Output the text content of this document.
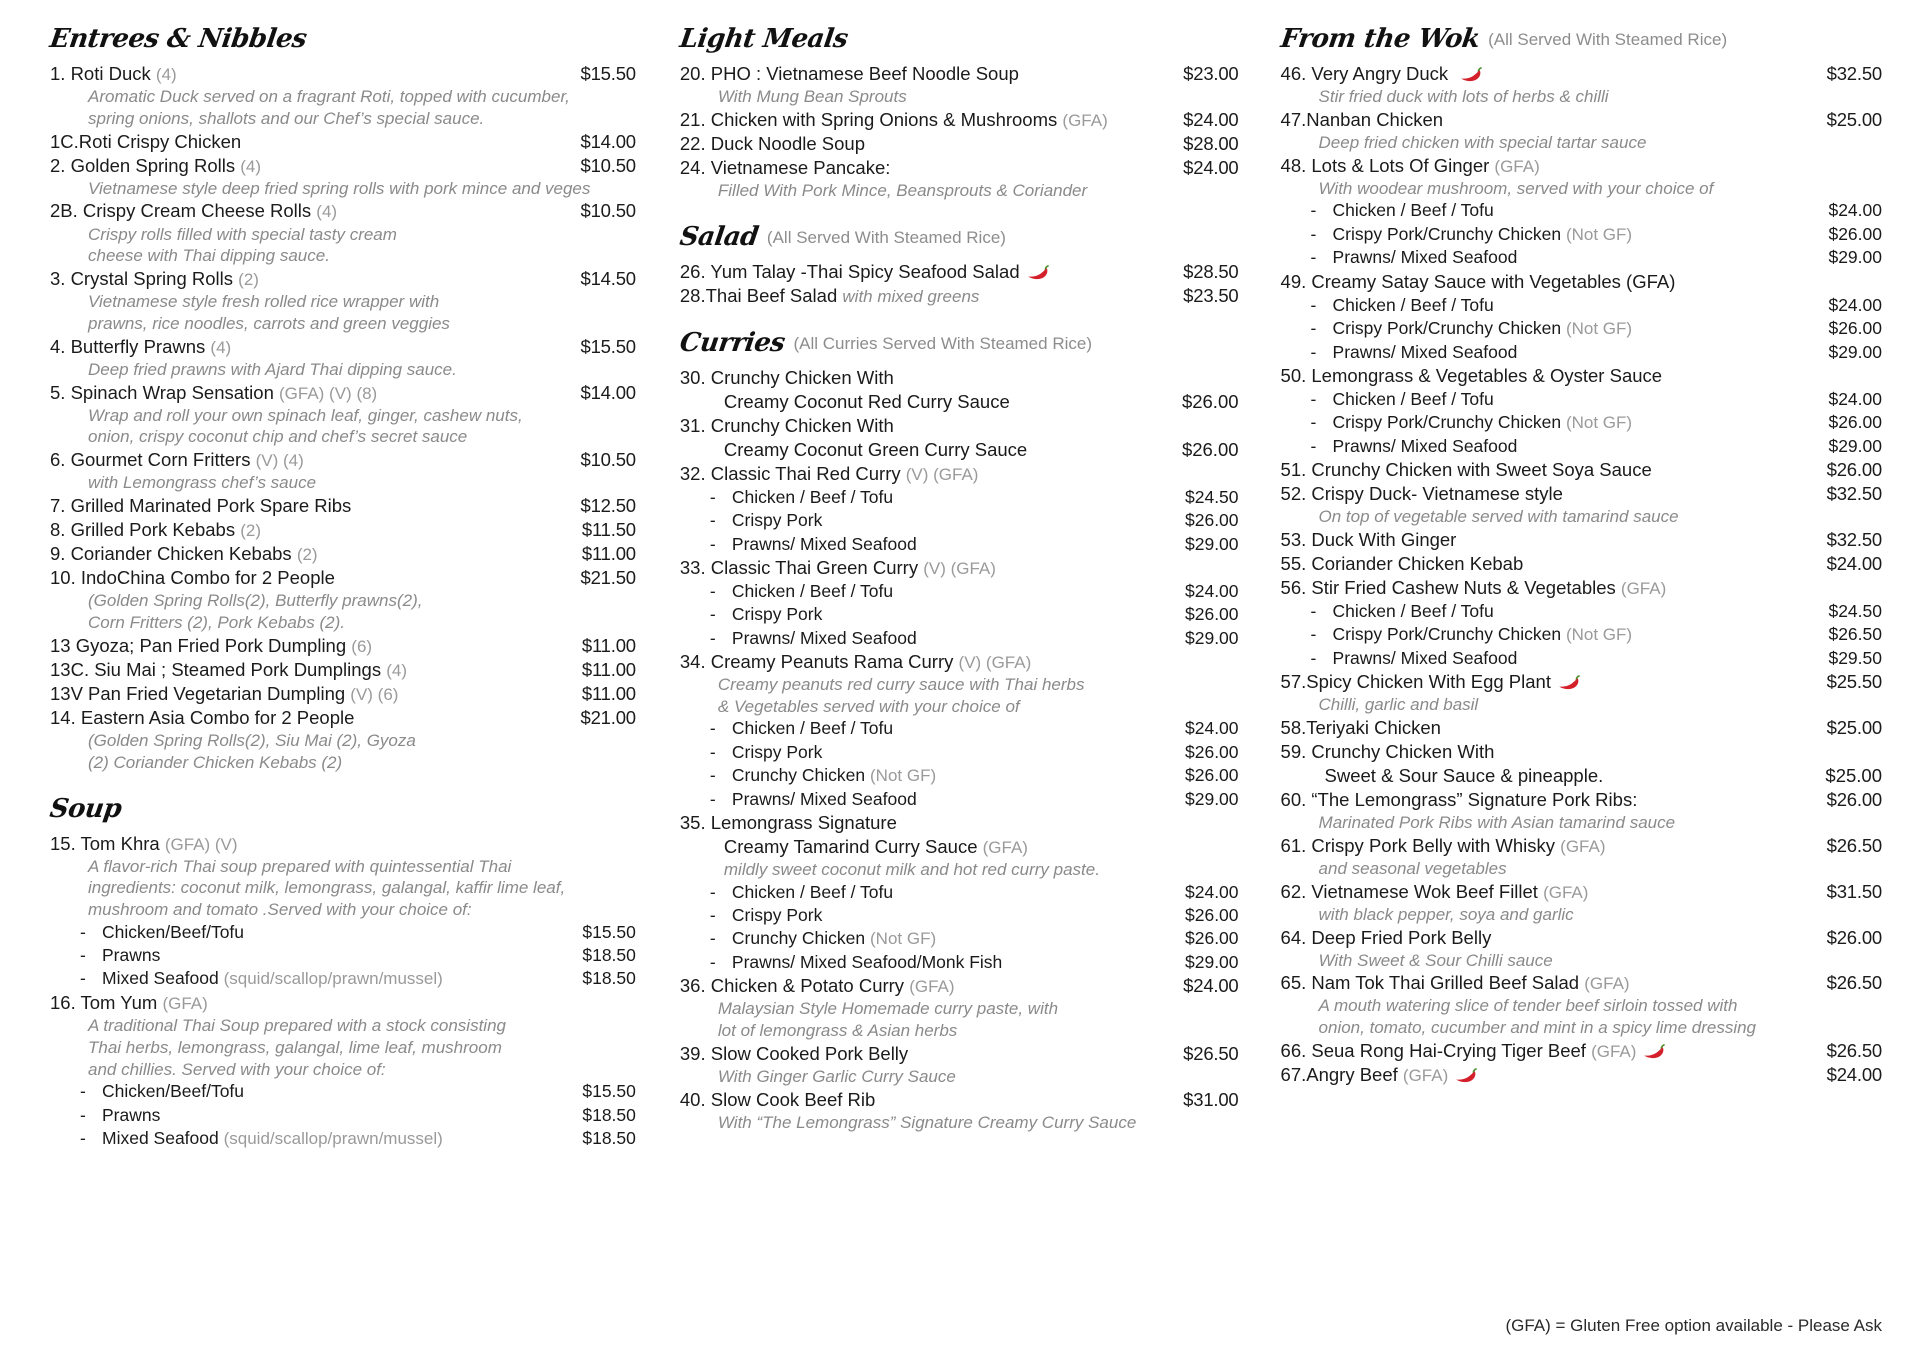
Entrees & Nibbles
1. Roti Duck (4)	$15.50
Aromatic Duck served on a fragrant Roti, topped with cucumber,
spring onions, shallots and our Chef’s special sauce.
1C.Roti Crispy Chicken	$14.00
2. Golden Spring Rolls (4)	$10.50
Vietnamese style deep fried spring rolls with pork mince and veges
2B. Crispy Cream Cheese Rolls (4)	$10.50
Crispy rolls filled with special tasty cream
cheese with Thai dipping sauce.
3. Crystal Spring Rolls (2)	$14.50
Vietnamese style fresh rolled rice wrapper with
prawns, rice noodles, carrots and green veggies
4. Butterfly Prawns (4)	$15.50
Deep fried prawns with Ajard Thai dipping sauce.
5. Spinach Wrap Sensation (GFA) (V) (8)	$14.00
Wrap and roll your own spinach leaf, ginger, cashew nuts,
onion, crispy coconut chip and chef’s secret sauce
6. Gourmet Corn Fritters (V) (4)	$10.50
with Lemongrass chef’s sauce
7. Grilled Marinated Pork Spare Ribs	$12.50
8. Grilled Pork Kebabs (2)	$11.50
9. Coriander Chicken Kebabs (2)	$11.00
10. IndoChina Combo for 2 People	$21.50
(Golden Spring Rolls(2), Butterfly prawns(2),
Corn Fritters (2), Pork Kebabs (2).
13 Gyoza; Pan Fried Pork Dumpling (6)	$11.00
13C. Siu Mai ; Steamed Pork Dumplings (4)	$11.00
13V Pan Fried Vegetarian Dumpling (V) (6)	$11.00
14. Eastern Asia Combo for 2 People	$21.00
(Golden Spring Rolls(2), Siu Mai (2), Gyoza
(2) Coriander Chicken Kebabs (2)
Soup
15. Tom Khra (GFA) (V)
A flavor-rich Thai soup prepared with quintessential Thai
ingredients: coconut milk, lemongrass, galangal, kaffir lime leaf,
mushroom and tomato .Served with your choice of:
- Chicken/Beef/Tofu	$15.50
- Prawns	$18.50
- Mixed Seafood (squid/scallop/prawn/mussel)	$18.50
16. Tom Yum (GFA)
A traditional Thai Soup prepared with a stock consisting
Thai herbs, lemongrass, galangal, lime leaf, mushroom
and chillies. Served with your choice of:
- Chicken/Beef/Tofu	$15.50
- Prawns	$18.50
- Mixed Seafood (squid/scallop/prawn/mussel)	$18.50
Light Meals
20. PHO : Vietnamese Beef Noodle Soup	$23.00
With Mung Bean Sprouts
21. Chicken with Spring Onions & Mushrooms (GFA)	$24.00
22. Duck Noodle Soup	$28.00
24. Vietnamese Pancake:	$24.00
Filled With Pork Mince, Beansprouts & Coriander
Salad (All Served With Steamed Rice)
26. Yum Talay -Thai Spicy Seafood Salad	$28.50
28.Thai Beef Salad with mixed greens	$23.50
Curries (All Curries Served With Steamed Rice)
30. Crunchy Chicken With
Creamy Coconut Red Curry Sauce	$26.00
31. Crunchy Chicken With
Creamy Coconut Green Curry Sauce	$26.00
32. Classic Thai Red Curry (V) (GFA)
- Chicken / Beef / Tofu	$24.50
- Crispy Pork	$26.00
- Prawns/ Mixed Seafood	$29.00
33. Classic Thai Green Curry (V) (GFA)
- Chicken / Beef / Tofu	$24.00
- Crispy Pork	$26.00
- Prawns/ Mixed Seafood	$29.00
34. Creamy Peanuts Rama Curry (V) (GFA)
Creamy peanuts red curry sauce with Thai herbs
& Vegetables served with your choice of
- Chicken / Beef / Tofu	$24.00
- Crispy Pork	$26.00
- Crunchy Chicken (Not GF)	$26.00
- Prawns/ Mixed Seafood	$29.00
35. Lemongrass Signature
Creamy Tamarind Curry Sauce (GFA)
mildly sweet coconut milk and hot red curry paste.
- Chicken / Beef / Tofu	$24.00
- Crispy Pork	$26.00
- Crunchy Chicken (Not GF)	$26.00
- Prawns/ Mixed Seafood/Monk Fish	$29.00
36. Chicken & Potato Curry (GFA)	$24.00
Malaysian Style Homemade curry paste, with
lot of lemongrass & Asian herbs
39. Slow Cooked Pork Belly	$26.50
With Ginger Garlic Curry Sauce
40. Slow Cook Beef Rib	$31.00
With “The Lemongrass” Signature Creamy Curry Sauce
From the Wok (All Served With Steamed Rice)
46. Very Angry Duck	$32.50
Stir fried duck with lots of herbs & chilli
47.Nanban Chicken	$25.00
Deep fried chicken with special tartar sauce
48. Lots & Lots Of Ginger (GFA)
With woodear mushroom, served with your choice of
- Chicken / Beef / Tofu	$24.00
- Crispy Pork/Crunchy Chicken (Not GF)	$26.00
- Prawns/ Mixed Seafood	$29.00
49. Creamy Satay Sauce with Vegetables (GFA)
- Chicken / Beef / Tofu	$24.00
- Crispy Pork/Crunchy Chicken (Not GF)	$26.00
- Prawns/ Mixed Seafood	$29.00
50. Lemongrass & Vegetables & Oyster Sauce
- Chicken / Beef / Tofu	$24.00
- Crispy Pork/Crunchy Chicken (Not GF)	$26.00
- Prawns/ Mixed Seafood	$29.00
51. Crunchy Chicken with Sweet Soya Sauce	$26.00
52. Crispy Duck- Vietnamese style	$32.50
On top of vegetable served with tamarind sauce
53. Duck With Ginger	$32.50
55. Coriander Chicken Kebab	$24.00
56. Stir Fried Cashew Nuts & Vegetables (GFA)
- Chicken / Beef / Tofu	$24.50
- Crispy Pork/Crunchy Chicken (Not GF)	$26.50
- Prawns/ Mixed Seafood	$29.50
57.Spicy Chicken With Egg Plant	$25.50
Chilli, garlic and basil
58.Teriyaki Chicken	$25.00
59. Crunchy Chicken With
Sweet & Sour Sauce & pineapple.	$25.00
60. “The Lemongrass” Signature Pork Ribs:	$26.00
Marinated Pork Ribs with Asian tamarind sauce
61. Crispy Pork Belly with Whisky (GFA)	$26.50
and seasonal vegetables
62. Vietnamese Wok Beef Fillet (GFA)	$31.50
with black pepper, soya and garlic
64. Deep Fried Pork Belly	$26.00
With Sweet & Sour Chilli sauce
65. Nam Tok Thai Grilled Beef Salad (GFA)	$26.50
A mouth watering slice of tender beef sirloin tossed with
onion, tomato, cucumber and mint in a spicy lime dressing
66. Seua Rong Hai-Crying Tiger Beef (GFA)	$26.50
67.Angry Beef (GFA)	$24.00
(GFA) = Gluten Free option available - Please Ask
